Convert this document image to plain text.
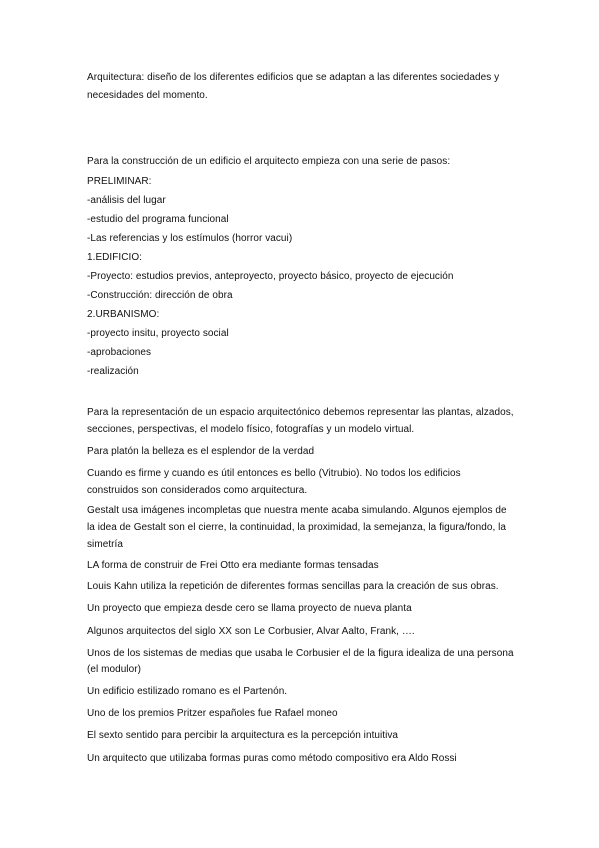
Arquitectura: diseño de los diferentes edificios que se adaptan a las diferentes sociedades y
necesidades del momento.
Para la construcción de un edificio el arquitecto empieza con una serie de pasos:
PRELIMINAR:
-análisis del lugar
-estudio del programa funcional
-Las referencias y los estímulos (horror vacui)
1.EDIFICIO:
-Proyecto: estudios previos, anteproyecto, proyecto básico, proyecto de ejecución
-Construcción: dirección de obra
2.URBANISMO:
-proyecto insitu, proyecto social
-aprobaciones
-realización
Para la representación de un espacio arquitectónico debemos representar las plantas, alzados,
secciones, perspectivas, el modelo físico, fotografías y un modelo virtual.
Para platón la belleza es el esplendor de la verdad
Cuando es firme y cuando es útil entonces es bello (Vitrubio). No todos los edificios
construidos son considerados como arquitectura.
Gestalt usa imágenes incompletas que nuestra mente acaba simulando. Algunos ejemplos de
la idea de Gestalt son el cierre, la continuidad, la proximidad, la semejanza, la figura/fondo, la
simetría
LA forma de construir de Frei Otto era mediante formas tensadas
Louis Kahn utiliza la repetición de diferentes formas sencillas para la creación de sus obras.
Un proyecto que empieza desde cero se llama proyecto de nueva planta
Algunos arquitectos del siglo XX son Le Corbusier, Alvar Aalto, Frank, ….
Unos de los sistemas de medias que usaba le Corbusier el de la figura idealiza de una persona
(el modulor)
Un edificio estilizado romano es el Partenón.
Uno de los premios Pritzer españoles fue Rafael moneo
El sexto sentido para percibir la arquitectura es la percepción intuitiva
Un arquitecto que utilizaba formas puras como método compositivo era Aldo Rossi
